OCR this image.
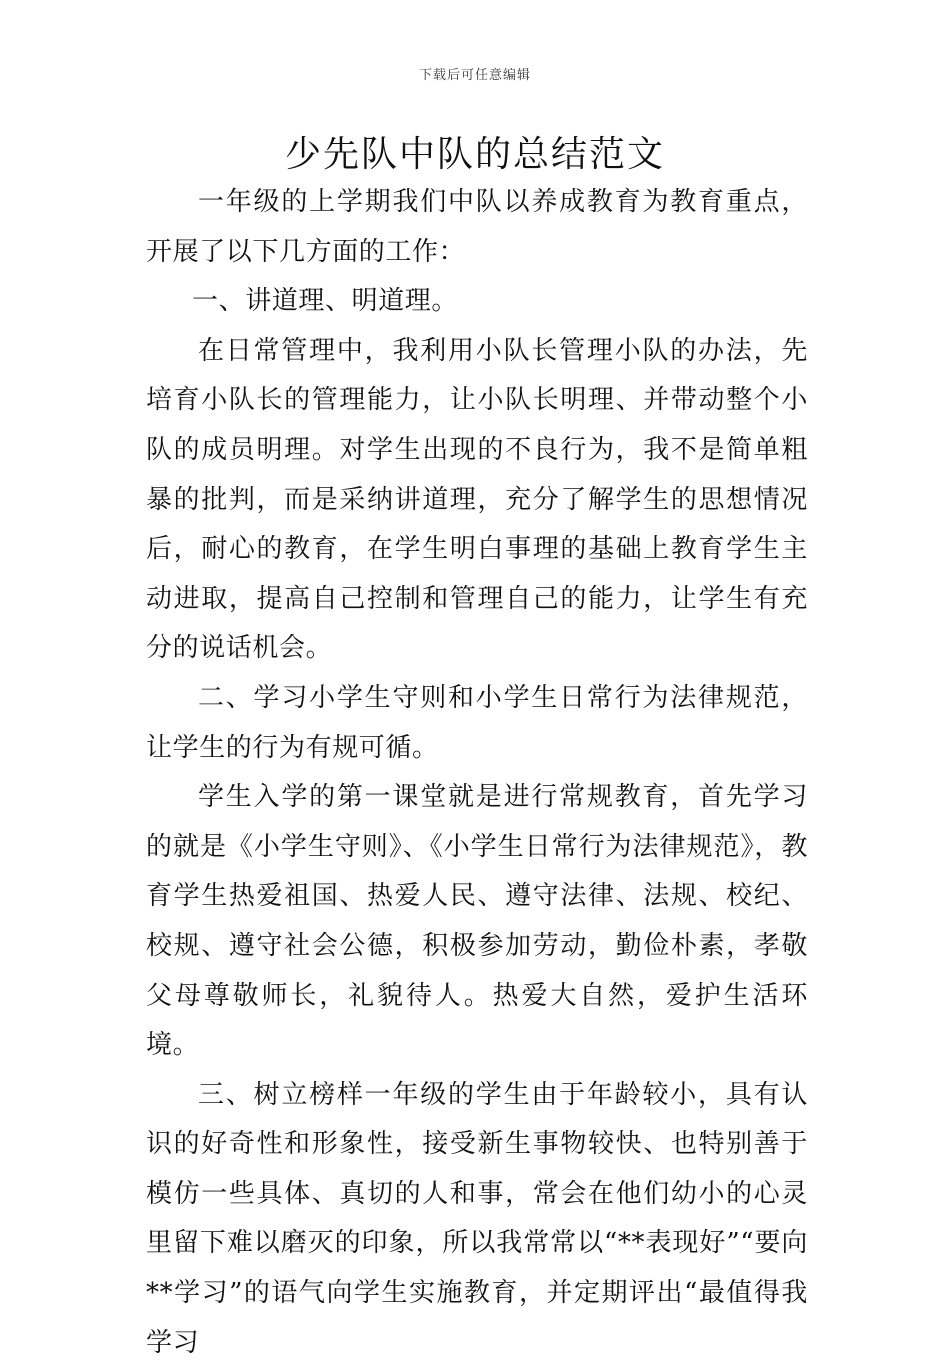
下载后可任意编辑
少先队中队的总结范文

一年级的上学期我们中队以养成教育为教育重点，开展了以下几方面的工作：

一、讲道理、明道理。

在日常管理中，我利用小队长管理小队的办法，先培育小队长的管理能力，让小队长明理、并带动整个小队的成员明理。对学生出现的不良行为，我不是简单粗暴的批判，而是采纳讲道理，充分了解学生的思想情况后，耐心的教育，在学生明白事理的基础上教育学生主动进取，提高自己控制和管理自己的能力，让学生有充分的说话机会。

二、学习小学生守则和小学生日常行为法律规范，让学生的行为有规可循。

学生入学的第一课堂就是进行常规教育，首先学习的就是《小学生守则》、《小学生日常行为法律规范》，教育学生热爱祖国、热爱人民、遵守法律、法规、校纪、校规、遵守社会公德，积极参加劳动，勤俭朴素，孝敬父母尊敬师长，礼貌待人。热爱大自然，爱护生活环境。

三、树立榜样一年级的学生由于年龄较小，具有认识的好奇性和形象性，接受新生事物较快、也特别善于模仿一些具体、真切的人和事，常会在他们幼小的心灵里留下难以磨灭的印象，所以我常常以“**表现好”“要向**学习”的语气向学生实施教育，并定期评出“最值得我学习
